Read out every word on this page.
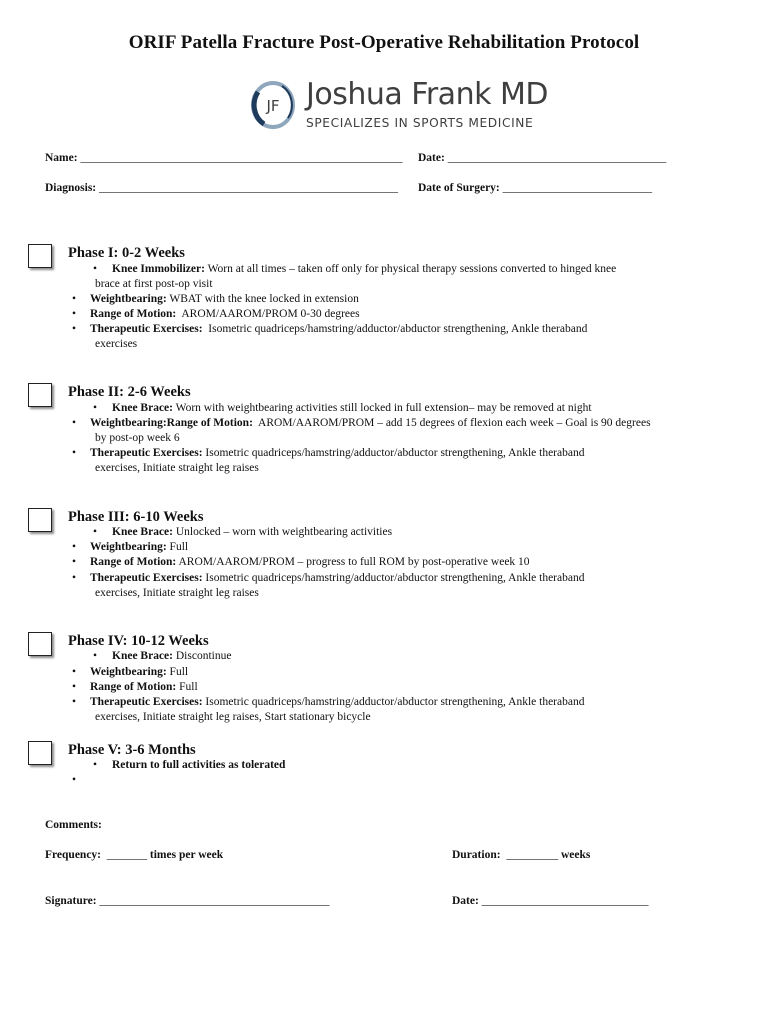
ORIF Patella Fracture Post-Operative Rehabilitation Protocol
JF Joshua Frank MD
SPECIALIZES IN SPORTS MEDICINE
Name: ________________________________________________________ Date: ______________________________________
Diagnosis: ____________________________________________________ Date of Surgery: __________________________
Phase I: 0-2 Weeks
• Knee Immobilizer: Worn at all times – taken off only for physical therapy sessions converted to hinged knee
brace at first post-op visit
• Weightbearing: WBAT with the knee locked in extension
• Range of Motion:  AROM/AAROM/PROM 0-30 degrees
• Therapeutic Exercises:  Isometric quadriceps/hamstring/adductor/abductor strengthening, Ankle theraband
exercises
Phase II: 2-6 Weeks
• Knee Brace: Worn with weightbearing activities still locked in full extension– may be removed at night
• Weightbearing:Range of Motion:  AROM/AAROM/PROM – add 15 degrees of flexion each week – Goal is 90 degrees
by post-op week 6
• Therapeutic Exercises: Isometric quadriceps/hamstring/adductor/abductor strengthening, Ankle theraband
exercises, Initiate straight leg raises
Phase III: 6-10 Weeks
• Knee Brace: Unlocked – worn with weightbearing activities
• Weightbearing: Full
• Range of Motion: AROM/AAROM/PROM – progress to full ROM by post-operative week 10
• Therapeutic Exercises: Isometric quadriceps/hamstring/adductor/abductor strengthening, Ankle theraband
exercises, Initiate straight leg raises
Phase IV: 10-12 Weeks
• Knee Brace: Discontinue
• Weightbearing: Full
• Range of Motion: Full
• Therapeutic Exercises: Isometric quadriceps/hamstring/adductor/abductor strengthening, Ankle theraband
exercises, Initiate straight leg raises, Start stationary bicycle
Phase V: 3-6 Months
• Return to full activities as tolerated
•
Comments:
Frequency: _______ times per week	Duration: _________ weeks
Signature: ________________________________________	Date: _____________________________
